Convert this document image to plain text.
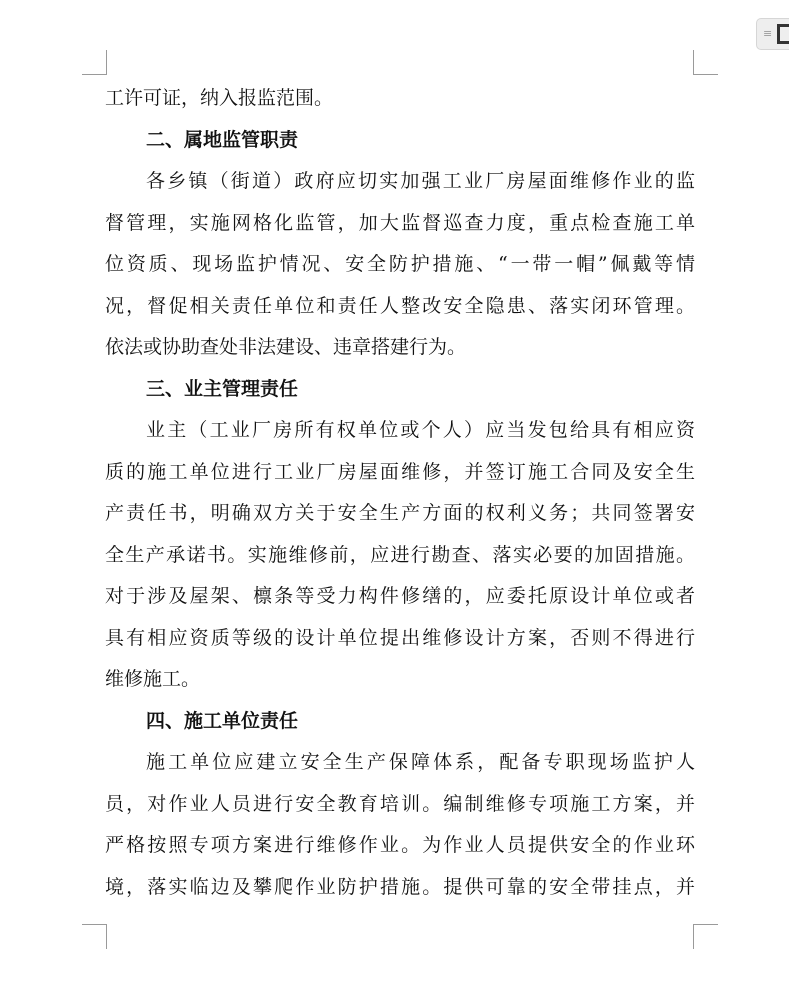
≡
工许可证，纳入报监范围。
二、属地监管职责
各乡镇（街道）政府应切实加强工业厂房屋面维修作业的监
督管理，实施网格化监管，加大监督巡查力度，重点检查施工单
位资质、现场监护情况、安全防护措施、“一带一帽”佩戴等情
况，督促相关责任单位和责任人整改安全隐患、落实闭环管理。
依法或协助查处非法建设、违章搭建行为。
三、业主管理责任
业主（工业厂房所有权单位或个人）应当发包给具有相应资
质的施工单位进行工业厂房屋面维修，并签订施工合同及安全生
产责任书，明确双方关于安全生产方面的权利义务；共同签署安
全生产承诺书。实施维修前，应进行勘查、落实必要的加固措施。
对于涉及屋架、檩条等受力构件修缮的，应委托原设计单位或者
具有相应资质等级的设计单位提出维修设计方案，否则不得进行
维修施工。
四、施工单位责任
施工单位应建立安全生产保障体系，配备专职现场监护人
员，对作业人员进行安全教育培训。编制维修专项施工方案，并
严格按照专项方案进行维修作业。为作业人员提供安全的作业环
境，落实临边及攀爬作业防护措施。提供可靠的安全带挂点，并
